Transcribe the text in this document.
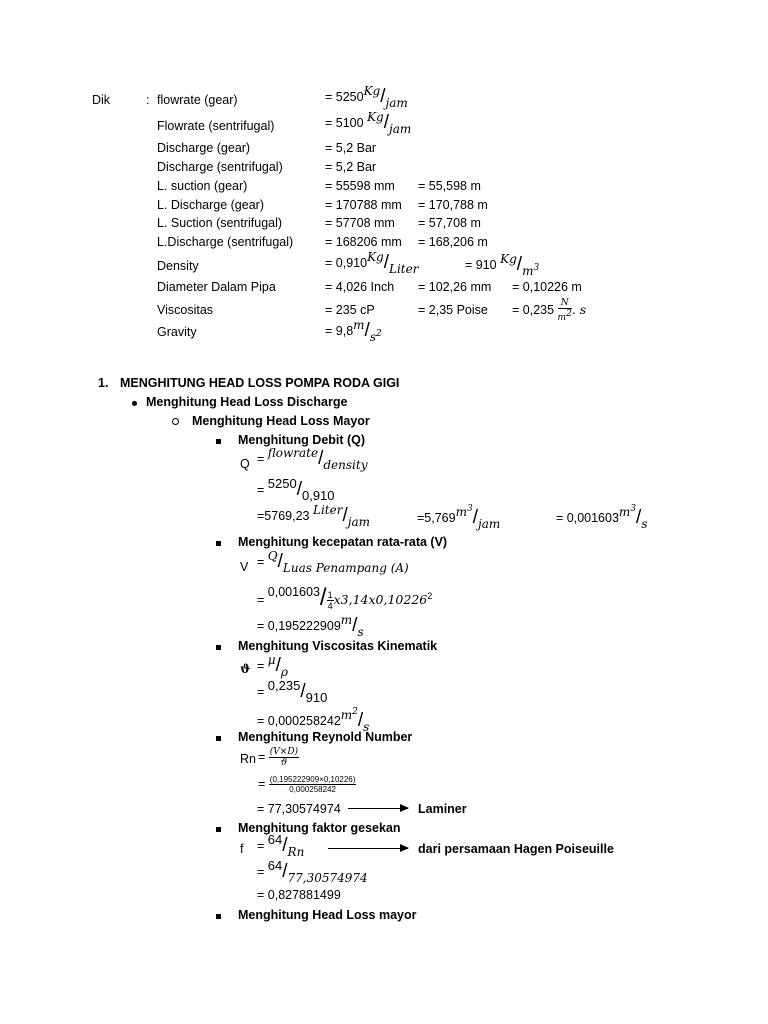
Dik	: flowrate (gear)	= 5250Kg/jam
Flowrate (sentrifugal)	= 5100 Kg/jam
Discharge (gear)	= 5,2 Bar
Discharge (sentrifugal)	= 5,2 Bar
L. suction (gear)	= 55598 mm = 55,598 m
L. Discharge (gear)	= 170788 mm = 170,788 m
L. Suction (sentrifugal)	= 57708 mm = 57,708 m
L.Discharge (sentrifugal)	= 168206 mm = 168,206 m
Density	= 0,910Kg/Liter	= 910 $Kg/m^3$
Diameter Dalam Pipa	= 4,026 Inch = 102,26 mm = 0,10226 m
Viscositas	= 235 cP	= 2,35 Poise = $0,235 \frac{N}{m^2}$ . s
Gravity	= $9,8m/s^2$
1. MENGHITUNG HEAD LOSS POMPA RODA GIGI
Menghitung Head Loss Discharge
Menghitung Head Loss Mayor
Menghitung Debit (Q)
Q = flowrate/density
= 5250/0,910
=5769,23 Liter/jam	$=5,769m^3$/jam	= $0,001603m^3/s$
Menghitung kecepatan rata-rata (V)
V = Q/Luas Penampang (A)
= $0,001603/ \frac{1}{4} x3,14x0,10226^2$
= 0,195222909m/s
Menghitung Viscositas Kinematik
ϑ = μ/ρ
= 0,235/910
= $0,000258242m^2/s$
Menghitung Reynold Number
$Rn = \frac{(V\times D)}{ϑ}$
= $\frac{(0,195222909\times 0,10226)}{0,000258242}$
= 77,30574974	Laminer
Menghitung faktor gesekan
f = 64/Rn	dari persamaan Hagen Poiseuille
= 64/77,30574974
= 0,827881499
Menghitung Head Loss mayor
